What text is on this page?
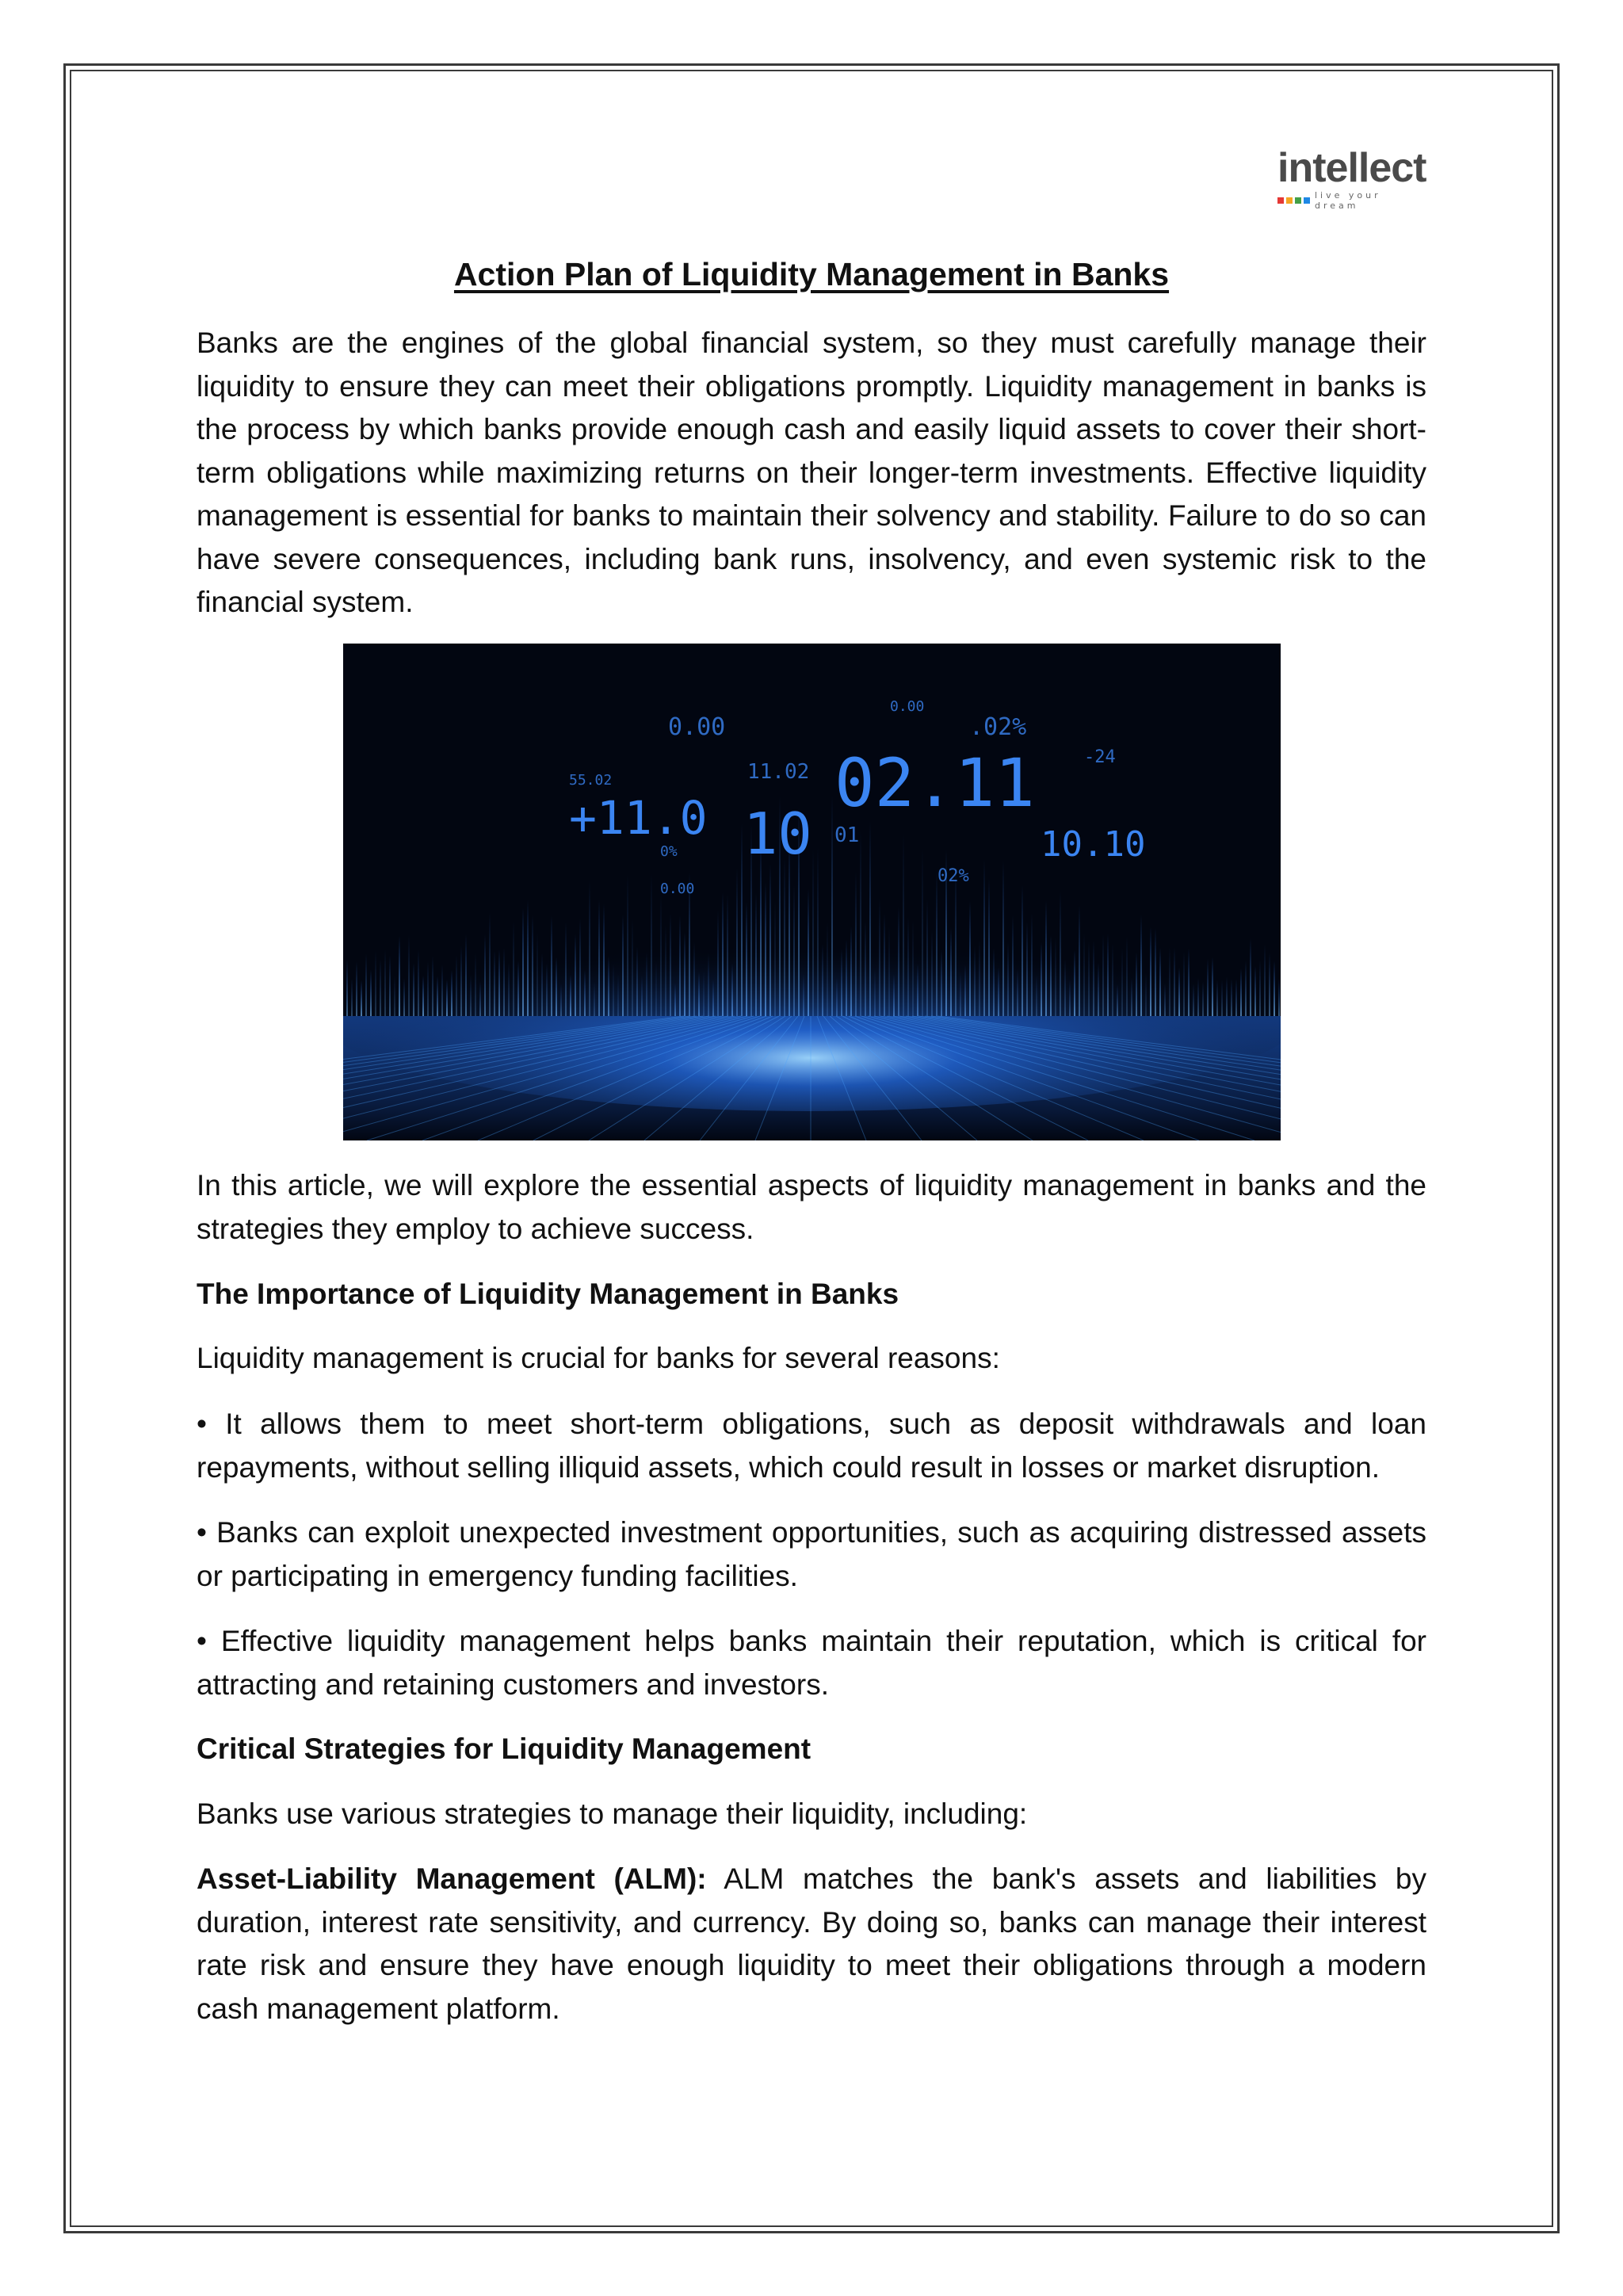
intellect
live your dream
Action Plan of Liquidity Management in Banks

Banks are the engines of the global financial system, so they must carefully manage their liquidity to ensure they can meet their obligations promptly. Liquidity management in banks is the process by which banks provide enough cash and easily liquid assets to cover their short-term obligations while maximizing returns on their longer-term investments. Effective liquidity management is essential for banks to maintain their solvency and stability. Failure to do so can have severe consequences, including bank runs, insolvency, and even systemic risk to the financial system.

0.00
0.00
.02%
55.02	11.02 02.11	-24
+11.0 10 01	10.10
0%
02%
0.00

In this article, we will explore the essential aspects of liquidity management in banks and the strategies they employ to achieve success.

The Importance of Liquidity Management in Banks

Liquidity management is crucial for banks for several reasons:

• It allows them to meet short-term obligations, such as deposit withdrawals and loan repayments, without selling illiquid assets, which could result in losses or market disruption.

• Banks can exploit unexpected investment opportunities, such as acquiring distressed assets or participating in emergency funding facilities.

• Effective liquidity management helps banks maintain their reputation, which is critical for attracting and retaining customers and investors.

Critical Strategies for Liquidity Management

Banks use various strategies to manage their liquidity, including:

Asset-Liability Management (ALM): ALM matches the bank's assets and liabilities by duration, interest rate sensitivity, and currency. By doing so, banks can manage their interest rate risk and ensure they have enough liquidity to meet their obligations through a modern cash management platform.
